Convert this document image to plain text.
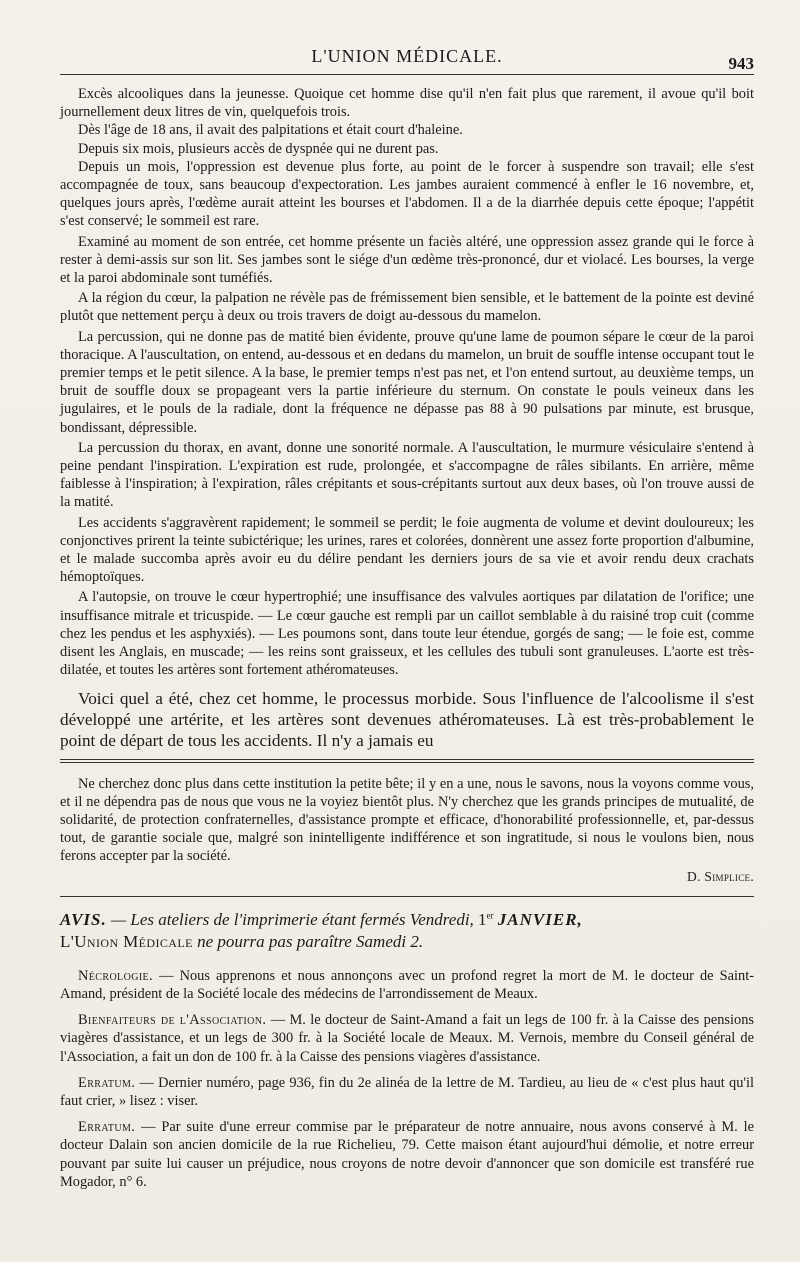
L'UNION MÉDICALE.	943

Excès alcooliques dans la jeunesse. Quoique cet homme dise qu'il n'en fait plus que rarement, il avoue qu'il boit journellement deux litres de vin, quelquefois trois.

Dès l'âge de 18 ans, il avait des palpitations et était court d'haleine.

Depuis six mois, plusieurs accès de dyspnée qui ne durent pas.

Depuis un mois, l'oppression est devenue plus forte, au point de le forcer à suspendre son travail; elle s'est accompagnée de toux, sans beaucoup d'expectoration. Les jambes auraient commencé à enfler le 16 novembre, et, quelques jours après, l'œdème aurait atteint les bourses et l'abdomen. Il a de la diarrhée depuis cette époque; l'appétit s'est conservé; le sommeil est rare.

Examiné au moment de son entrée, cet homme présente un faciès altéré, une oppression assez grande qui le force à rester à demi-assis sur son lit. Ses jambes sont le siége d'un œdème très-prononcé, dur et violacé. Les bourses, la verge et la paroi abdominale sont tuméfiés.

A la région du cœur, la palpation ne révèle pas de frémissement bien sensible, et le battement de la pointe est deviné plutôt que nettement perçu à deux ou trois travers de doigt au-dessous du mamelon.

La percussion, qui ne donne pas de matité bien évidente, prouve qu'une lame de poumon sépare le cœur de la paroi thoracique. A l'auscultation, on entend, au-dessous et en dedans du mamelon, un bruit de souffle intense occupant tout le premier temps et le petit silence. A la base, le premier temps n'est pas net, et l'on entend surtout, au deuxième temps, un bruit de souffle doux se propageant vers la partie inférieure du sternum. On constate le pouls veineux dans les jugulaires, et le pouls de la radiale, dont la fréquence ne dépasse pas 88 à 90 pulsations par minute, est brusque, bondissant, dépressible.

La percussion du thorax, en avant, donne une sonorité normale. A l'auscultation, le murmure vésiculaire s'entend à peine pendant l'inspiration. L'expiration est rude, prolongée, et s'accompagne de râles sibilants. En arrière, même faiblesse à l'inspiration; à l'expiration, râles crépitants et sous-crépitants surtout aux deux bases, où l'on trouve aussi de la matité.

Les accidents s'aggravèrent rapidement; le sommeil se perdit; le foie augmenta de volume et devint douloureux; les conjonctives prirent la teinte subictérique; les urines, rares et colorées, donnèrent une assez forte proportion d'albumine, et le malade succomba après avoir eu du délire pendant les derniers jours de sa vie et avoir rendu deux crachats hémoptoïques.

A l'autopsie, on trouve le cœur hypertrophié; une insuffisance des valvules aortiques par dilatation de l'orifice; une insuffisance mitrale et tricuspide. — Le cœur gauche est rempli par un caillot semblable à du raisiné trop cuit (comme chez les pendus et les asphyxiés). — Les poumons sont, dans toute leur étendue, gorgés de sang; — le foie est, comme disent les Anglais, en muscade; — les reins sont graisseux, et les cellules des tubuli sont granuleuses. L'aorte est très-dilatée, et toutes les artères sont fortement athéromateuses.

Voici quel a été, chez cet homme, le processus morbide. Sous l'influence de l'alcoolisme il s'est développé une artérite, et les artères sont devenues athéromateuses. Là est très-probablement le point de départ de tous les accidents. Il n'y a jamais eu

Ne cherchez donc plus dans cette institution la petite bête; il y en a une, nous le savons, nous la voyons comme vous, et il ne dépendra pas de nous que vous ne la voyiez bientôt plus. N'y cherchez que les grands principes de mutualité, de solidarité, de protection confraternelles, d'assistance prompte et efficace, d'honorabilité professionnelle, et, par-dessus tout, de garantie sociale que, malgré son inintelligente indifférence et son ingratitude, si nous le voulons bien, nous ferons accepter par la société.

D. Simplice.
AVIS. — Les ateliers de l'imprimerie étant fermés Vendredi, 1er JANVIER,
L'Union Médicale ne pourra pas paraître Samedi 2.

Nécrologie. — Nous apprenons et nous annonçons avec un profond regret la mort de M. le docteur de Saint-Amand, président de la Société locale des médecins de l'arrondissement de Meaux.

Bienfaiteurs de l'Association. — M. le docteur de Saint-Amand a fait un legs de 100 fr. à la Caisse des pensions viagères d'assistance, et un legs de 300 fr. à la Société locale de Meaux. M. Vernois, membre du Conseil général de l'Association, a fait un don de 100 fr. à la Caisse des pensions viagères d'assistance.

Erratum. — Dernier numéro, page 936, fin du 2e alinéa de la lettre de M. Tardieu, au lieu de « c'est plus haut qu'il faut crier, » lisez : viser.

Erratum. — Par suite d'une erreur commise par le préparateur de notre annuaire, nous avons conservé à M. le docteur Dalain son ancien domicile de la rue Richelieu, 79. Cette maison étant aujourd'hui démolie, et notre erreur pouvant par suite lui causer un préjudice, nous croyons de notre devoir d'annoncer que son domicile est transféré rue Mogador, n° 6.
